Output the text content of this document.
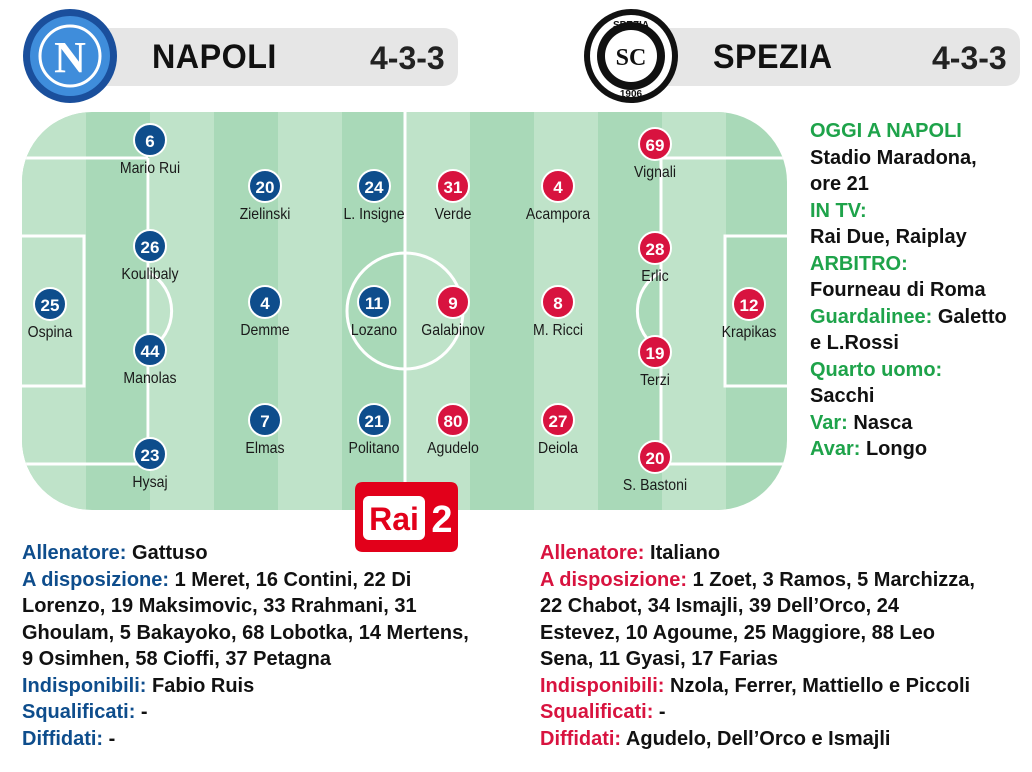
N NAPOLI	4-3-3
SPEZIA
SC
1906
SPEZIA	4-3-3
25
Ospina
6
Mario Rui
26
Koulibaly
44
Manolas
23
Hysaj
20
Zielinski
4
Demme
7
Elmas
24
L. Insigne
11
Lozano
21
Politano
12
Krapikas
69
Vignali
28
Erlic
19
Terzi
20
S. Bastoni
4
Acampora
8
M. Ricci
27
Deiola
31
Verde
9
Galabinov
80
Agudelo
OGGI A NAPOLI
Stadio Maradona,
ore 21
IN TV:
Rai Due, Raiplay
ARBITRO:
Fourneau di Roma
Guardalinee: Galetto
e L.Rossi
Quarto uomo:
Sacchi
Var: Nasca
Avar: Longo
Rai 2
Allenatore: Gattuso
A disposizione: 1 Meret, 16 Contini, 22 Di
Lorenzo, 19 Maksimovic, 33 Rrahmani, 31
Ghoulam, 5 Bakayoko, 68 Lobotka, 14 Mertens,
9 Osimhen, 58 Cioffi, 37 Petagna
Indisponibili: Fabio Ruis
Squalificati: -
Diffidati: -
Allenatore: Italiano
A disposizione: 1 Zoet, 3 Ramos, 5 Marchizza,
22 Chabot, 34 Ismajli, 39 Dell’Orco, 24
Estevez, 10 Agoume, 25 Maggiore, 88 Leo
Sena, 11 Gyasi, 17 Farias
Indisponibili: Nzola, Ferrer, Mattiello e Piccoli
Squalificati: -
Diffidati: Agudelo, Dell’Orco e Ismajli
